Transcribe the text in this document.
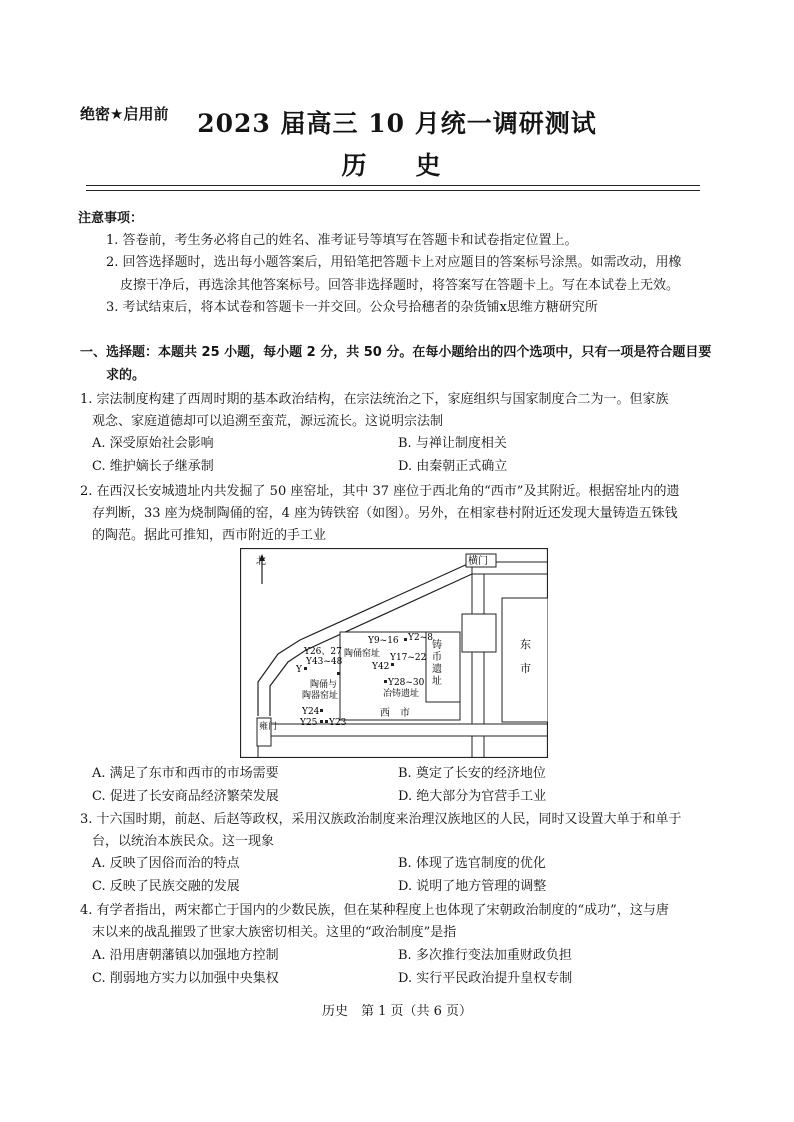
绝密★启用前	2023 届高三 10 月统一调研测试
历　史
注意事项：
1. 答卷前，考生务必将自己的姓名、准考证号等填写在答题卡和试卷指定位置上。
2. 回答选择题时，选出每小题答案后，用铅笔把答题卡上对应题目的答案标号涂黑。如需改动，用橡
皮擦干净后，再选涂其他答案标号。回答非选择题时，将答案写在答题卡上。写在本试卷上无效。
3. 考试结束后，将本试卷和答题卡一并交回。公众号拾穗者的杂货铺x思维方糖研究所
一、选择题：本题共 25 小题，每小题 2 分，共 50 分。在每小题给出的四个选项中，只有一项是符合题目要
求的。
1. 宗法制度构建了西周时期的基本政治结构，在宗法统治之下，家庭组织与国家制度合二为一。但家族
观念、家庭道德却可以追溯至蛮荒，源远流长。这说明宗法制
A. 深受原始社会影响	B. 与禅让制度相关
C. 维护嫡长子继承制	D. 由秦朝正式确立
2. 在西汉长安城遗址内共发掘了 50 座窑址，其中 37 座位于西北角的“西市”及其附近。根据窑址内的遗
存判断，33 座为烧制陶俑的窑，4 座为铸铁窑（如图）。另外，在相家巷村附近还发现大量铸造五铢钱
的陶范。据此可推知，西市附近的手工业
北	横门
雍门
东
市
铸
币
遗
址
Y9~16 Y2~8
陶俑窑址 Y17~22
Y42
Y28~30
冶铸遗址
西　市
Y26、27
Y43~48
Y
陶俑与
陶器窑址
Y24
Y25 Y23
A. 满足了东市和西市的市场需要	B. 奠定了长安的经济地位
C. 促进了长安商品经济繁荣发展	D. 绝大部分为官营手工业
3. 十六国时期，前赵、后赵等政权，采用汉族政治制度来治理汉族地区的人民，同时又设置大单于和单于
台，以统治本族民众。这一现象
A. 反映了因俗而治的特点	B. 体现了选官制度的优化
C. 反映了民族交融的发展	D. 说明了地方管理的调整
4. 有学者指出，两宋都亡于国内的少数民族，但在某种程度上也体现了宋朝政治制度的“成功”，这与唐
末以来的战乱摧毁了世家大族密切相关。这里的“政治制度”是指
A. 沿用唐朝藩镇以加强地方控制	B. 多次推行变法加重财政负担
C. 削弱地方实力以加强中央集权	D. 实行平民政治提升皇权专制
历史　第 1 页（共 6 页）
